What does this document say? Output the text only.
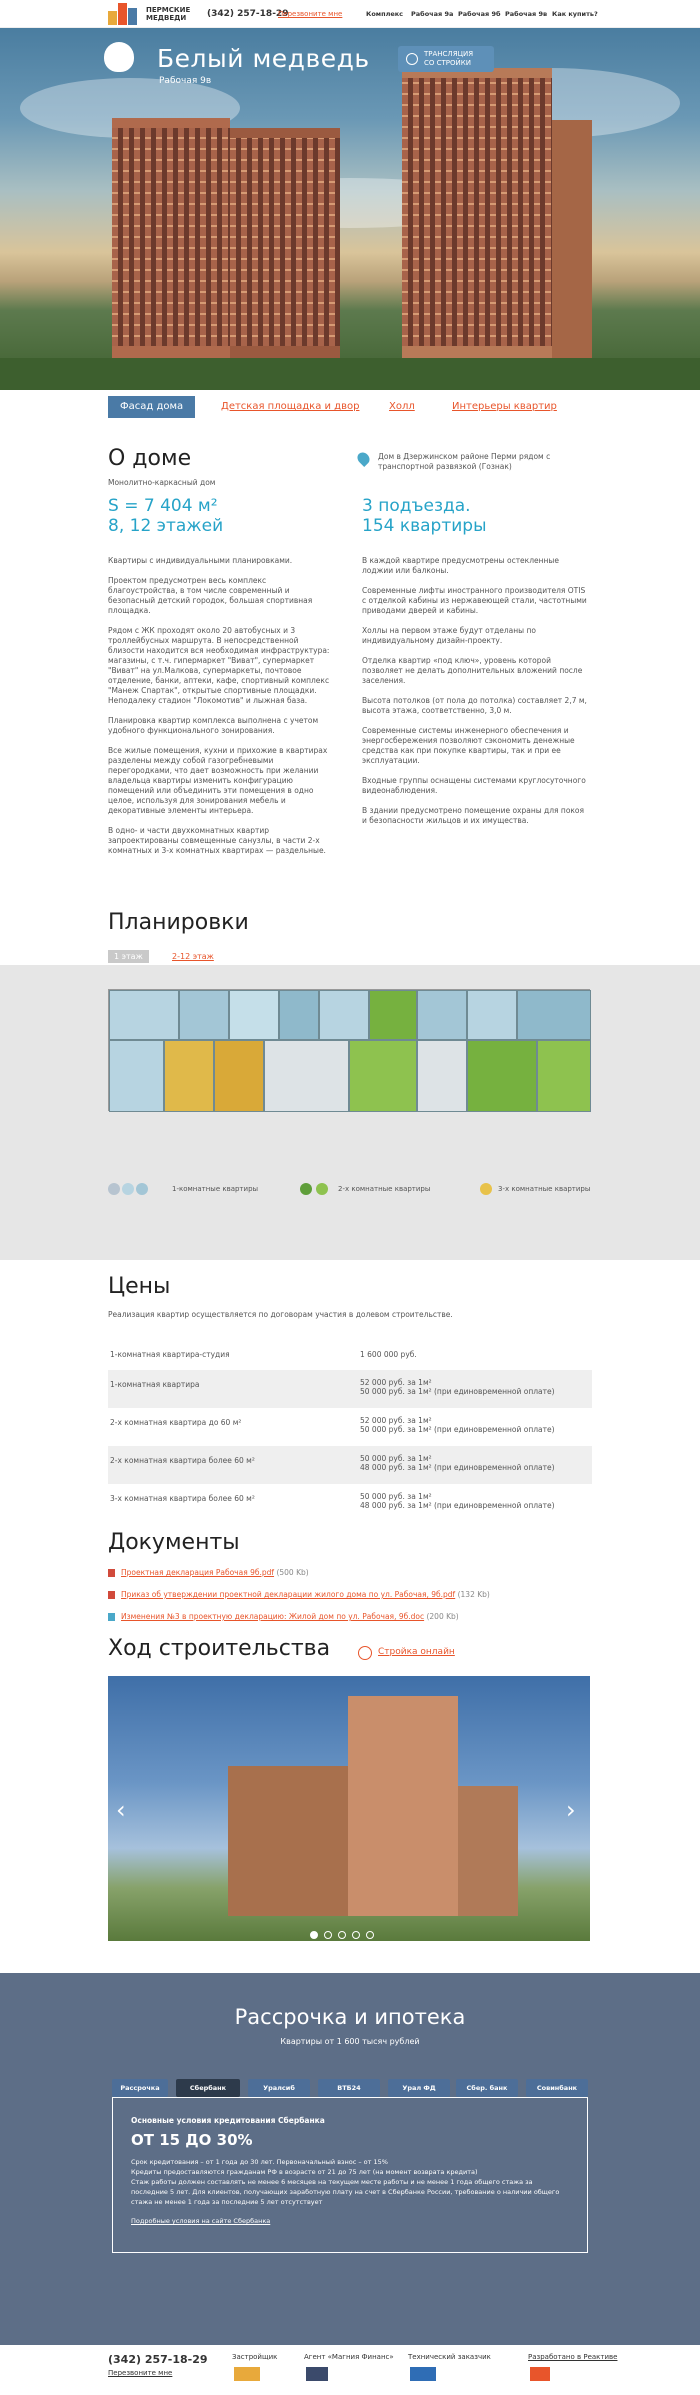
ПЕРМСКИЕ
МЕДВЕДИ	(342) 257-18-29
Перезвоните мне	Комплекс Рабочая 9а Рабочая 9б Рабочая 9в Как купить?
Белый медведь
Рабочая 9в
ТРАНСЛЯЦИЯ
СО СТРОЙКИ
Фасад дома	Детская площадка и двор	Холл	Интерьеры квартир
О доме
Монолитно-каркасный дом
S = 7 404 м²
8, 12 этажей
Дом в Дзержинском районе Перми рядом с транспортной развязкой (Гознак)
3 подъезда.
154 квартиры

Квартиры с индивидуальными планировками.

Проектом предусмотрен весь комплекс благоустройства, в том числе современный и безопасный детский городок, большая спортивная площадка.

Рядом с ЖК проходят около 20 автобусных и 3 троллейбусных маршрута. В непосредственной близости находится вся необходимая инфраструктура: магазины, с т.ч. гипермаркет "Виват", супермаркет "Виват" на ул.Малкова, супермаркеты, почтовое отделение, банки, аптеки, кафе, спортивный комплекс "Манеж Спартак", открытые спортивные площадки. Неподалеку стадион "Локомотив" и лыжная база.

Планировка квартир комплекса выполнена с учетом удобного функционального зонирования.

Все жилые помещения, кухни и прихожие в квартирах разделены между собой газогребневыми перегородками, что дает возможность при желании владельца квартиры изменить конфигурацию помещений или объединить эти помещения в одно целое, используя для зонирования мебель и декоративные элементы интерьера.

В одно- и части двухкомнатных квартир запроектированы совмещенные санузлы, в части 2-х комнатных и 3-х комнатных квартирах — раздельные.

В каждой квартире предусмотрены остекленные лоджии или балконы.

Современные лифты иностранного производителя OTIS с отделкой кабины из нержавеющей стали, частотными приводами дверей и кабины.

Холлы на первом этаже будут отделаны по индивидуальному дизайн-проекту.

Отделка квартир «под ключ», уровень которой позволяет не делать дополнительных вложений после заселения.

Высота потолков (от пола до потолка) составляет 2,7 м, высота этажа, соответственно, 3,0 м.

Современные системы инженерного обеспечения и энергосбережения позволяют сэкономить денежные средства как при покупке квартиры, так и при ее эксплуатации.

Входные группы оснащены системами круглосуточного видеонаблюдения.

В здании предусмотрено помещение охраны для покоя и безопасности жильцов и их имущества.

Планировки
1 этаж	2-12 этаж
1-комнатные квартиры	2-х комнатные квартиры	3-х комнатные квартиры
Цены
Реализация квартир осуществляется по договорам участия в долевом строительстве.
1-комнатная квартира-студия	1 600 000 руб.
1-комнатная квартира	52 000 руб. за 1м²
50 000 руб. за 1м² (при единовременной оплате)
2-х комнатная квартира до 60 м²	52 000 руб. за 1м²
50 000 руб. за 1м² (при единовременной оплате)
2-х комнатная квартира более 60 м²	50 000 руб. за 1м²
48 000 руб. за 1м² (при единовременной оплате)
3-х комнатная квартира более 60 м²	50 000 руб. за 1м²
48 000 руб. за 1м² (при единовременной оплате)
Документы
Проектная декларация Рабочая 9б.pdf (500 Kb)
Приказ об утверждении проектной декларации жилого дома по ул. Рабочая, 9б.pdf (132 Kb)
Изменения №3 в проектную декларацию: Жилой дом по ул. Рабочая, 9б.doc (200 Kb)
Ход строительства	Стройка онлайн
‹	›
Рассрочка и ипотека
Квартиры от 1 600 тысяч рублей
Рассрочка	Сбербанк	Уралсиб	ВТБ24	Урал ФД	Сбер. банк	Совинбанк
Основные условия кредитования Сбербанка
ОТ 15 ДО 30%
Срок кредитования – от 1 года до 30 лет. Первоначальный взнос – от 15%
Кредиты предоставляются гражданам РФ в возрасте от 21 до 75 лет (на момент возврата кредита)
Стаж работы должен составлять не менее 6 месяцев на текущем месте работы и не менее 1 года общего стажа за последние 5 лет. Для клиентов, получающих заработную плату на счет в Сбербанке России, требование о наличии общего стажа не менее 1 года за последние 5 лет отсутствует
Подробные условия на сайте Сбербанка
(342) 257-18-29
Перезвоните мне
Застройщик	Агент «Магния Финанс» Технический заказчик	Разработано в Реактиве
